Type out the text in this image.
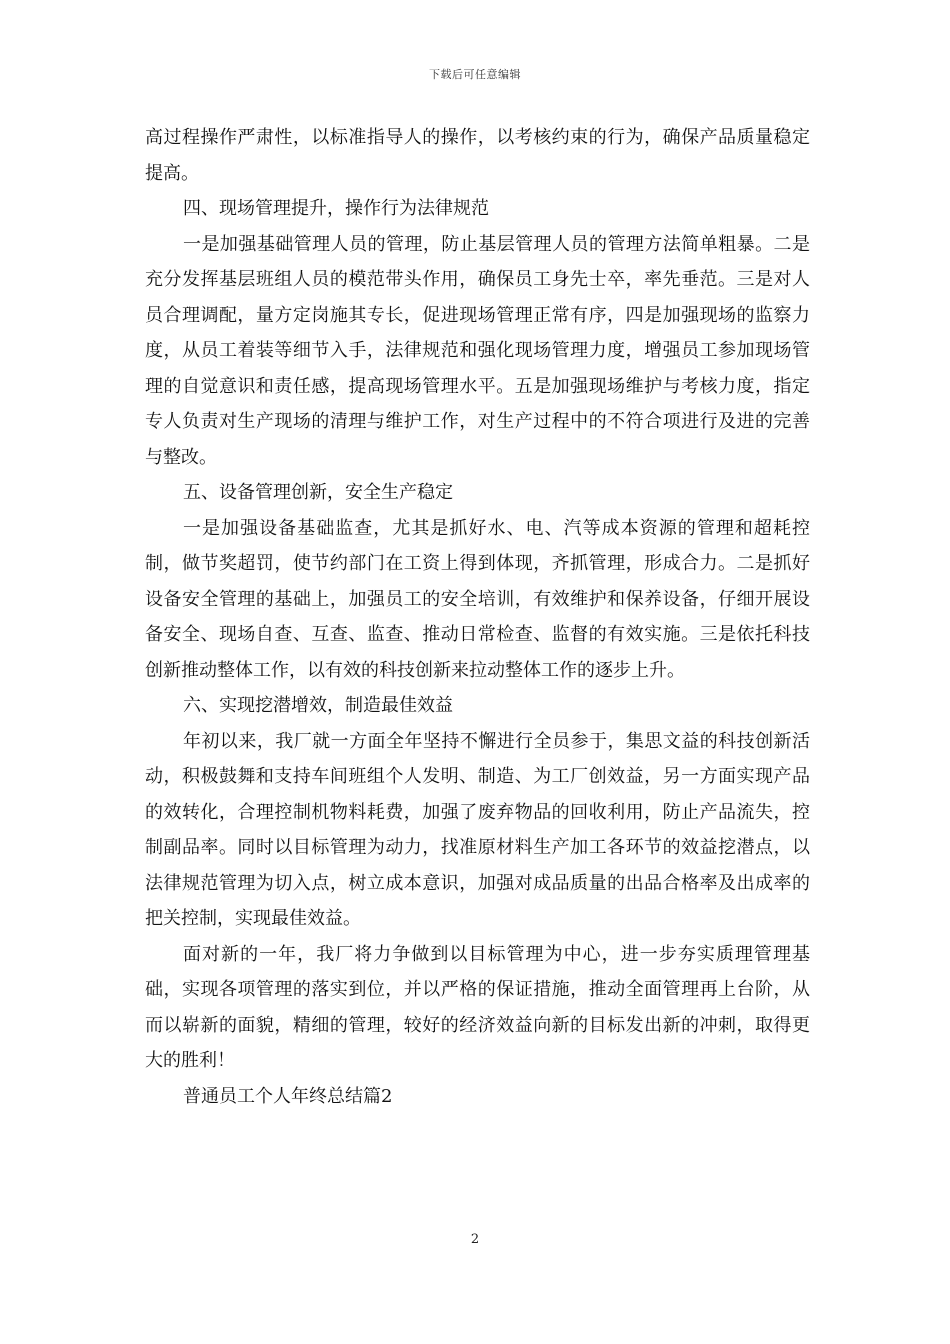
下载后可任意编辑

高过程操作严肃性，以标准指导人的操作，以考核约束的行为，确保产品质量稳定提高。

四、现场管理提升，操作行为法律规范

一是加强基础管理人员的管理，防止基层管理人员的管理方法简单粗暴。二是充分发挥基层班组人员的模范带头作用，确保员工身先士卒，率先垂范。三是对人员合理调配，量方定岗施其专长，促进现场管理正常有序，四是加强现场的监察力度，从员工着装等细节入手，法律规范和强化现场管理力度，增强员工参加现场管理的自觉意识和责任感，提高现场管理水平。五是加强现场维护与考核力度，指定专人负责对生产现场的清理与维护工作，对生产过程中的不符合项进行及进的完善与整改。

五、设备管理创新，安全生产稳定

一是加强设备基础监查，尤其是抓好水、电、汽等成本资源的管理和超耗控制，做节奖超罚，使节约部门在工资上得到体现，齐抓管理，形成合力。二是抓好设备安全管理的基础上，加强员工的安全培训，有效维护和保养设备，仔细开展设备安全、现场自查、互查、监查、推动日常检查、监督的有效实施。三是依托科技创新推动整体工作，以有效的科技创新来拉动整体工作的逐步上升。

六、实现挖潜增效，制造最佳效益

年初以来，我厂就一方面全年坚持不懈进行全员参于，集思文益的科技创新活动，积极鼓舞和支持车间班组个人发明、制造、为工厂创效益，另一方面实现产品的效转化，合理控制机物料耗费，加强了废弃物品的回收利用，防止产品流失，控制副品率。同时以目标管理为动力，找准原材料生产加工各环节的效益挖潜点，以法律规范管理为切入点，树立成本意识，加强对成品质量的出品合格率及出成率的把关控制，实现最佳效益。

面对新的一年，我厂将力争做到以目标管理为中心，进一步夯实质理管理基础，实现各项管理的落实到位，并以严格的保证措施，推动全面管理再上台阶，从而以崭新的面貌，精细的管理，较好的经济效益向新的目标发出新的冲刺，取得更大的胜利！

普通员工个人年终总结篇2

2
